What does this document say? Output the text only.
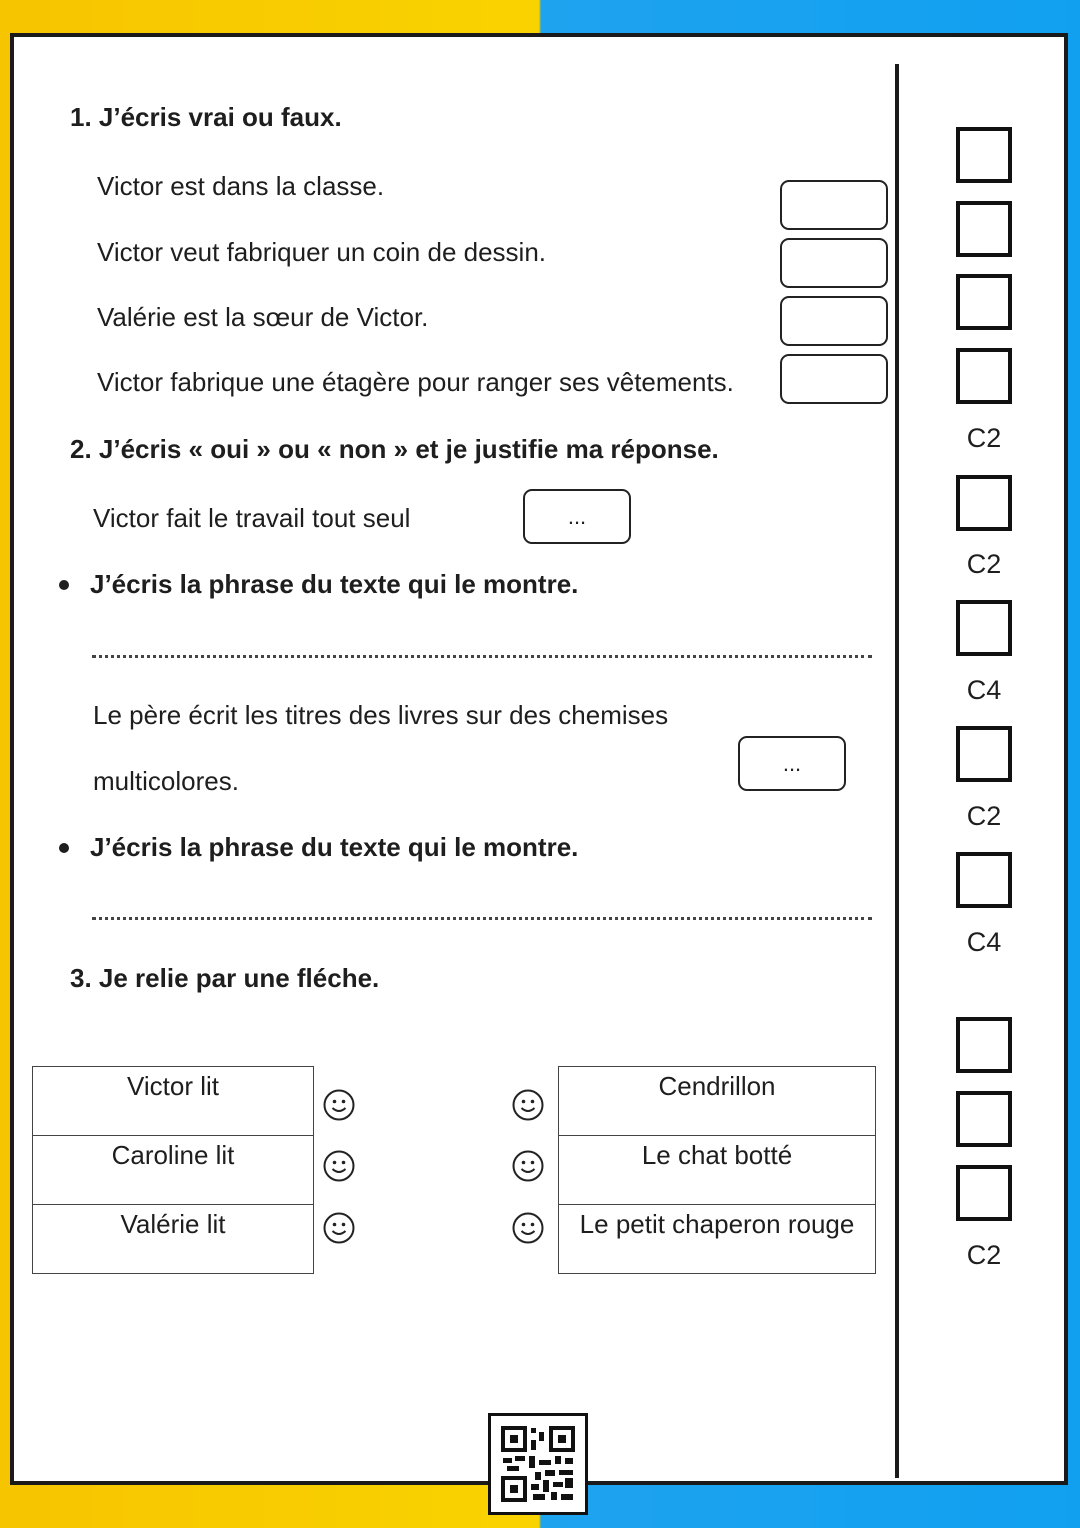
1. J’écris vrai ou faux.
Victor est dans la classe.
Victor veut fabriquer un coin de dessin.
Valérie est la sœur de Victor.
Victor fabrique une étagère pour ranger ses vêtements.
2. J’écris « oui » ou « non » et je justifie ma réponse.
Victor fait le travail tout seul	...
J’écris la phrase du texte qui le montre.
Le père écrit les titres des livres sur des chemises
multicolores.
...
J’écris la phrase du texte qui le montre.
3. Je relie par une fléche.
Victor lit
Caroline lit
Valérie lit
Cendrillon
Le chat botté
Le petit chaperon rouge
C2
C2
C4
C2
C4
C2
